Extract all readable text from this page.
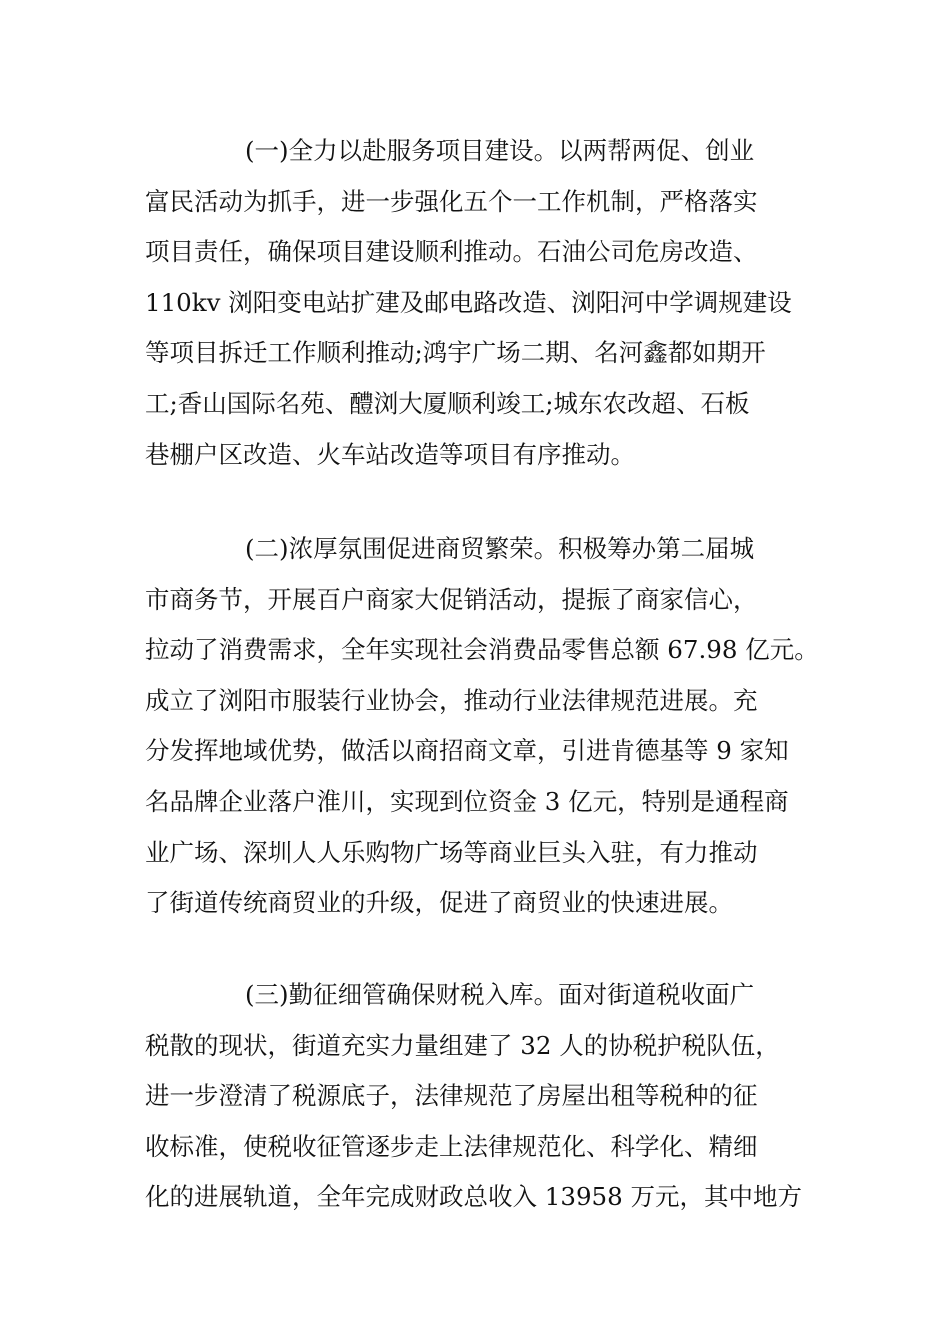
(一)全力以赴服务项目建设。以两帮两促、创业
富民活动为抓手，进一步强化五个一工作机制，严格落实
项目责任，确保项目建设顺利推动。石油公司危房改造、
110kv 浏阳变电站扩建及邮电路改造、浏阳河中学调规建设
等项目拆迁工作顺利推动;鸿宇广场二期、名河鑫都如期开
工;香山国际名苑、醴浏大厦顺利竣工;城东农改超、石板
巷棚户区改造、火车站改造等项目有序推动。

(二)浓厚氛围促进商贸繁荣。积极筹办第二届城
市商务节，开展百户商家大促销活动，提振了商家信心，
拉动了消费需求，全年实现社会消费品零售总额 67.98 亿元。
成立了浏阳市服装行业协会，推动行业法律规范进展。充
分发挥地域优势，做活以商招商文章，引进肯德基等 9 家知
名品牌企业落户淮川，实现到位资金 3 亿元，特别是通程商
业广场、深圳人人乐购物广场等商业巨头入驻，有力推动
了街道传统商贸业的升级，促进了商贸业的快速进展。

(三)勤征细管确保财税入库。面对街道税收面广
税散的现状，街道充实力量组建了 32 人的协税护税队伍，
进一步澄清了税源底子，法律规范了房屋出租等税种的征
收标准，使税收征管逐步走上法律规范化、科学化、精细
化的进展轨道，全年完成财政总收入 13958 万元，其中地方
